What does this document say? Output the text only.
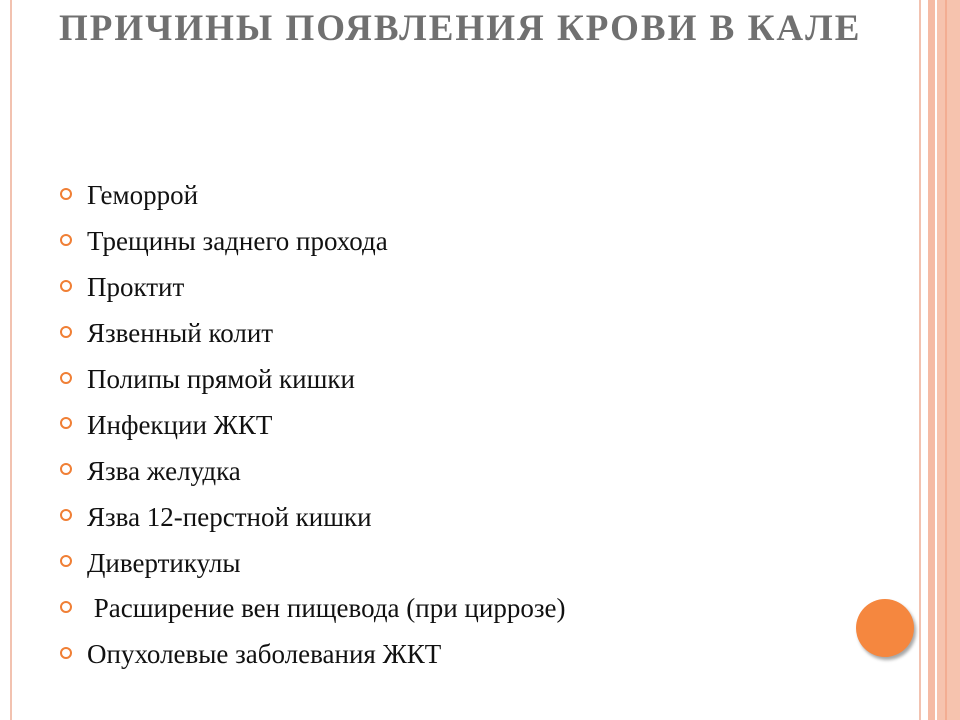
ПРИЧИНЫ ПОЯВЛЕНИЯ КРОВИ В КАЛЕ
Геморрой
Трещины заднего прохода
Проктит
Язвенный колит
Полипы прямой кишки
Инфекции ЖКТ
Язва желудка
Язва 12-перстной кишки
Дивертикулы
Расширение вен пищевода (при циррозе)
Опухолевые заболевания ЖКТ
